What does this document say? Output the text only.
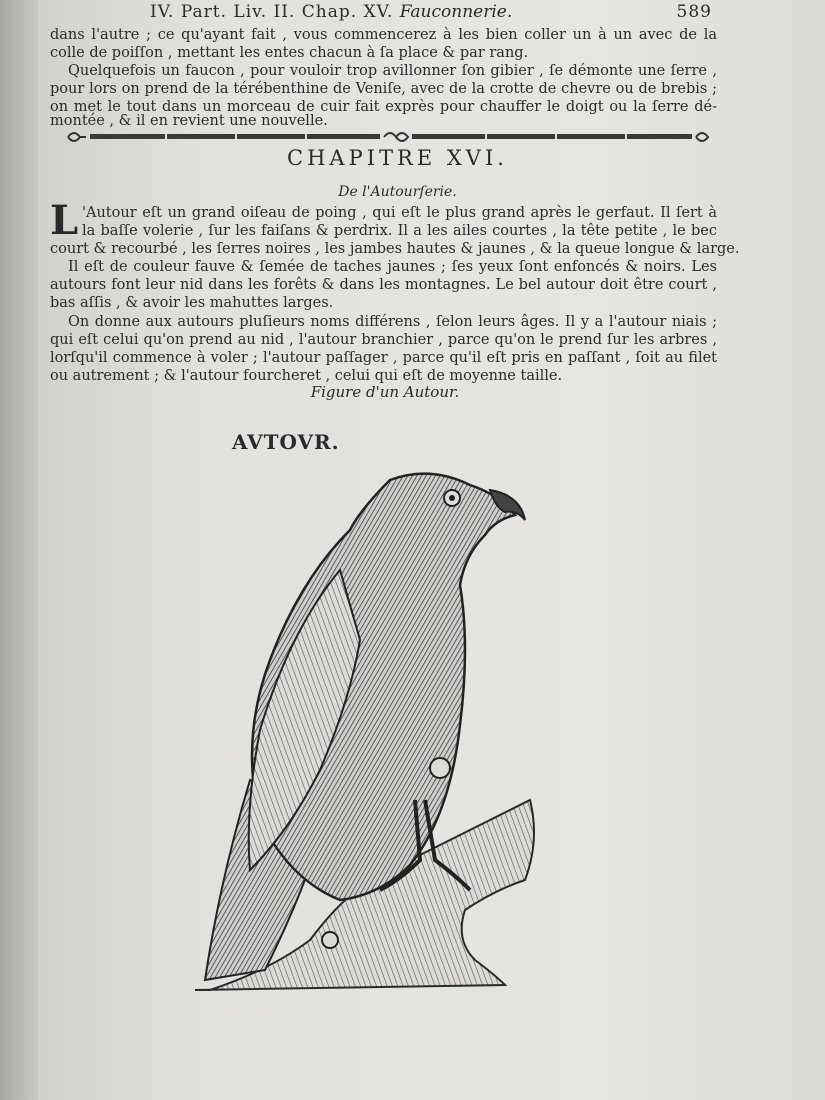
IV. Part. Liv. II. Chap. XV. Fauconnerie.	589
dans l'autre ; ce qu'ayant fait , vous commencerez à les bien coller un à un avec de la
colle de poiſſon , mettant les entes chacun à ſa place & par rang.
Quelquefois un faucon , pour vouloir trop avillonner ſon gibier , ſe démonte une ſerre ,
pour lors on prend de la térébenthine de Veniſe, avec de la crotte de chevre ou de brebis ;
on met le tout dans un morceau de cuir fait exprès pour chauffer le doigt ou la ſerre dé-
montée , & il en revient une nouvelle.
CHAPITRE XVI.
De l'Autourſerie.
L 'Autour eſt un grand oiſeau de poing , qui eſt le plus grand après le gerfaut. Il ſert à
la baſſe volerie , ſur les faiſans & perdrix. Il a les ailes courtes , la tête petite , le bec
court & recourbé , les ſerres noires , les jambes hautes & jaunes , & la queue longue & large.
Il eſt de couleur fauve & ſemée de taches jaunes ; ſes yeux ſont enfoncés & noirs. Les
autours font leur nid dans les forêts & dans les montagnes. Le bel autour doit être court ,
bas aſſis , & avoir les mahuttes larges.
On donne aux autours pluſieurs noms différens , ſelon leurs âges. Il y a l'autour niais ;
qui eſt celui qu'on prend au nid , l'autour branchier , parce qu'on le prend ſur les arbres ,
lorſqu'il commence à voler ; l'autour paſſager , parce qu'il eſt pris en paſſant , ſoit au filet
ou autrement ; & l'autour fourcheret , celui qui eſt de moyenne taille.
Figure d'un Autour.
AVTOVR.
